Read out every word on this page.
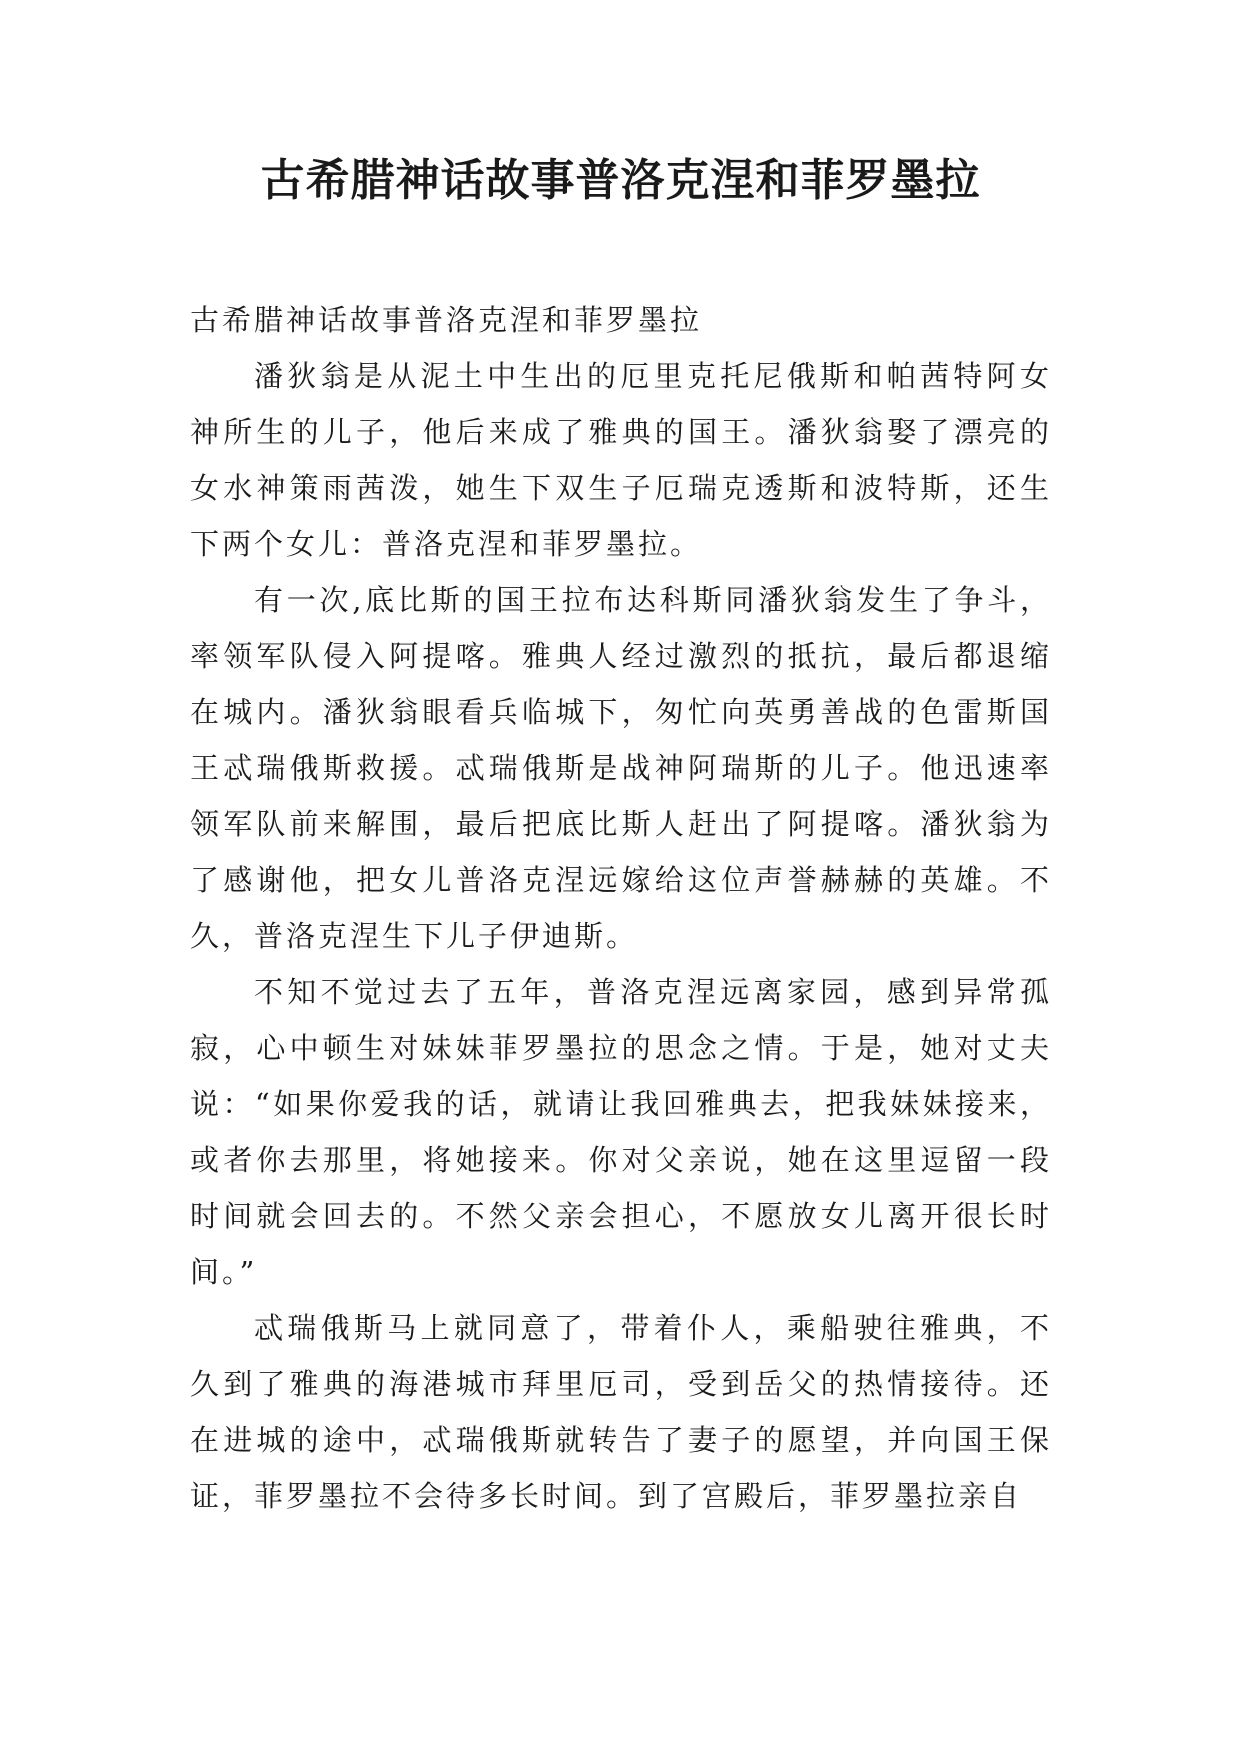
古希腊神话故事普洛克涅和菲罗墨拉

古希腊神话故事普洛克涅和菲罗墨拉

潘狄翁是从泥土中生出的厄里克托尼俄斯和帕茜特阿女神所生的儿子，他后来成了雅典的国王。潘狄翁娶了漂亮的女水神策雨茜泼，她生下双生子厄瑞克透斯和波特斯，还生下两个女儿：普洛克涅和菲罗墨拉。

有一次,底比斯的国王拉布达科斯同潘狄翁发生了争斗，率领军队侵入阿提喀。雅典人经过激烈的抵抗，最后都退缩在城内。潘狄翁眼看兵临城下，匆忙向英勇善战的色雷斯国王忒瑞俄斯救援。忒瑞俄斯是战神阿瑞斯的儿子。他迅速率领军队前来解围，最后把底比斯人赶出了阿提喀。潘狄翁为了感谢他，把女儿普洛克涅远嫁给这位声誉赫赫的英雄。不久，普洛克涅生下儿子伊迪斯。

不知不觉过去了五年，普洛克涅远离家园，感到异常孤寂，心中顿生对妹妹菲罗墨拉的思念之情。于是，她对丈夫说：“如果你爱我的话，就请让我回雅典去，把我妹妹接来，或者你去那里，将她接来。你对父亲说，她在这里逗留一段时间就会回去的。不然父亲会担心，不愿放女儿离开很长时间。”

忒瑞俄斯马上就同意了，带着仆人，乘船驶往雅典，不久到了雅典的海港城市拜里厄司，受到岳父的热情接待。还在进城的途中，忒瑞俄斯就转告了妻子的愿望，并向国王保证，菲罗墨拉不会待多长时间。到了宫殿后，菲罗墨拉亲自
